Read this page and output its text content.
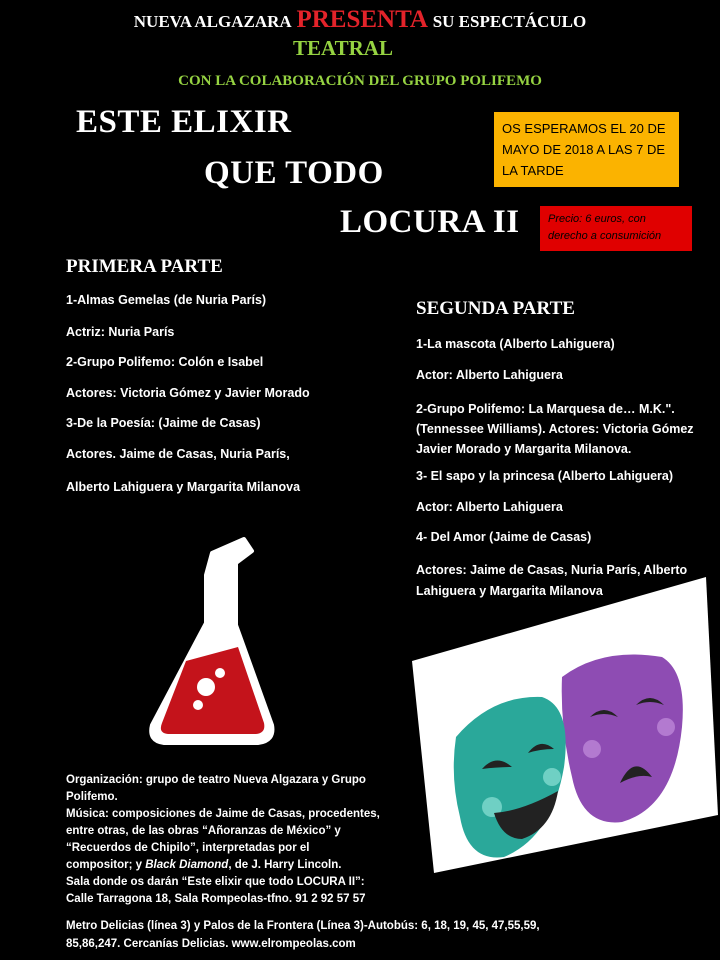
NUEVA ALGAZARA PRESENTA SU ESPECTÁCULO
TEATRAL
CON LA COLABORACIÓN DEL GRUPO POLIFEMO
ESTE ELIXIR
QUE TODO
LOCURA II
OS ESPERAMOS EL 20 DE
MAYO DE 2018 A LAS 7 DE
LA TARDE
Precio: 6 euros, con
derecho a consumición
PRIMERA PARTE
1-Almas Gemelas (de Nuria París)
Actriz: Nuria París
2-Grupo Polifemo: Colón e Isabel
Actores: Victoria Gómez y Javier Morado
3-De la Poesía: (Jaime de Casas)
Actores. Jaime de Casas, Nuria París,
Alberto Lahiguera y Margarita Milanova
SEGUNDA PARTE
1-La mascota (Alberto Lahiguera)
Actor: Alberto Lahiguera
2-Grupo Polifemo: La Marquesa de… M.K.". (Tennessee Williams). Actores: Victoria Gómez Javier Morado y Margarita Milanova.
3- El sapo y la princesa (Alberto Lahiguera)
Actor: Alberto Lahiguera
4- Del Amor (Jaime de Casas)
Actores: Jaime de Casas, Nuria París, Alberto Lahiguera y Margarita Milanova
Organización: grupo de teatro Nueva Algazara y Grupo
Polifemo.
Música: composiciones de Jaime de Casas, procedentes,
entre otras, de las obras “Añoranzas de México” y
“Recuerdos de Chipilo”, interpretadas por el
compositor; y Black Diamond, de J. Harry Lincoln.
Sala donde os darán “Este elixir que todo LOCURA II”:
Calle Tarragona 18, Sala Rompeolas-tfno. 91 2 92 57 57
Metro Delicias (línea 3) y Palos de la Frontera (Línea 3)-Autobús: 6, 18, 19, 45, 47,55,59,
85,86,247. Cercanías Delicias. www.elrompeolas.com
